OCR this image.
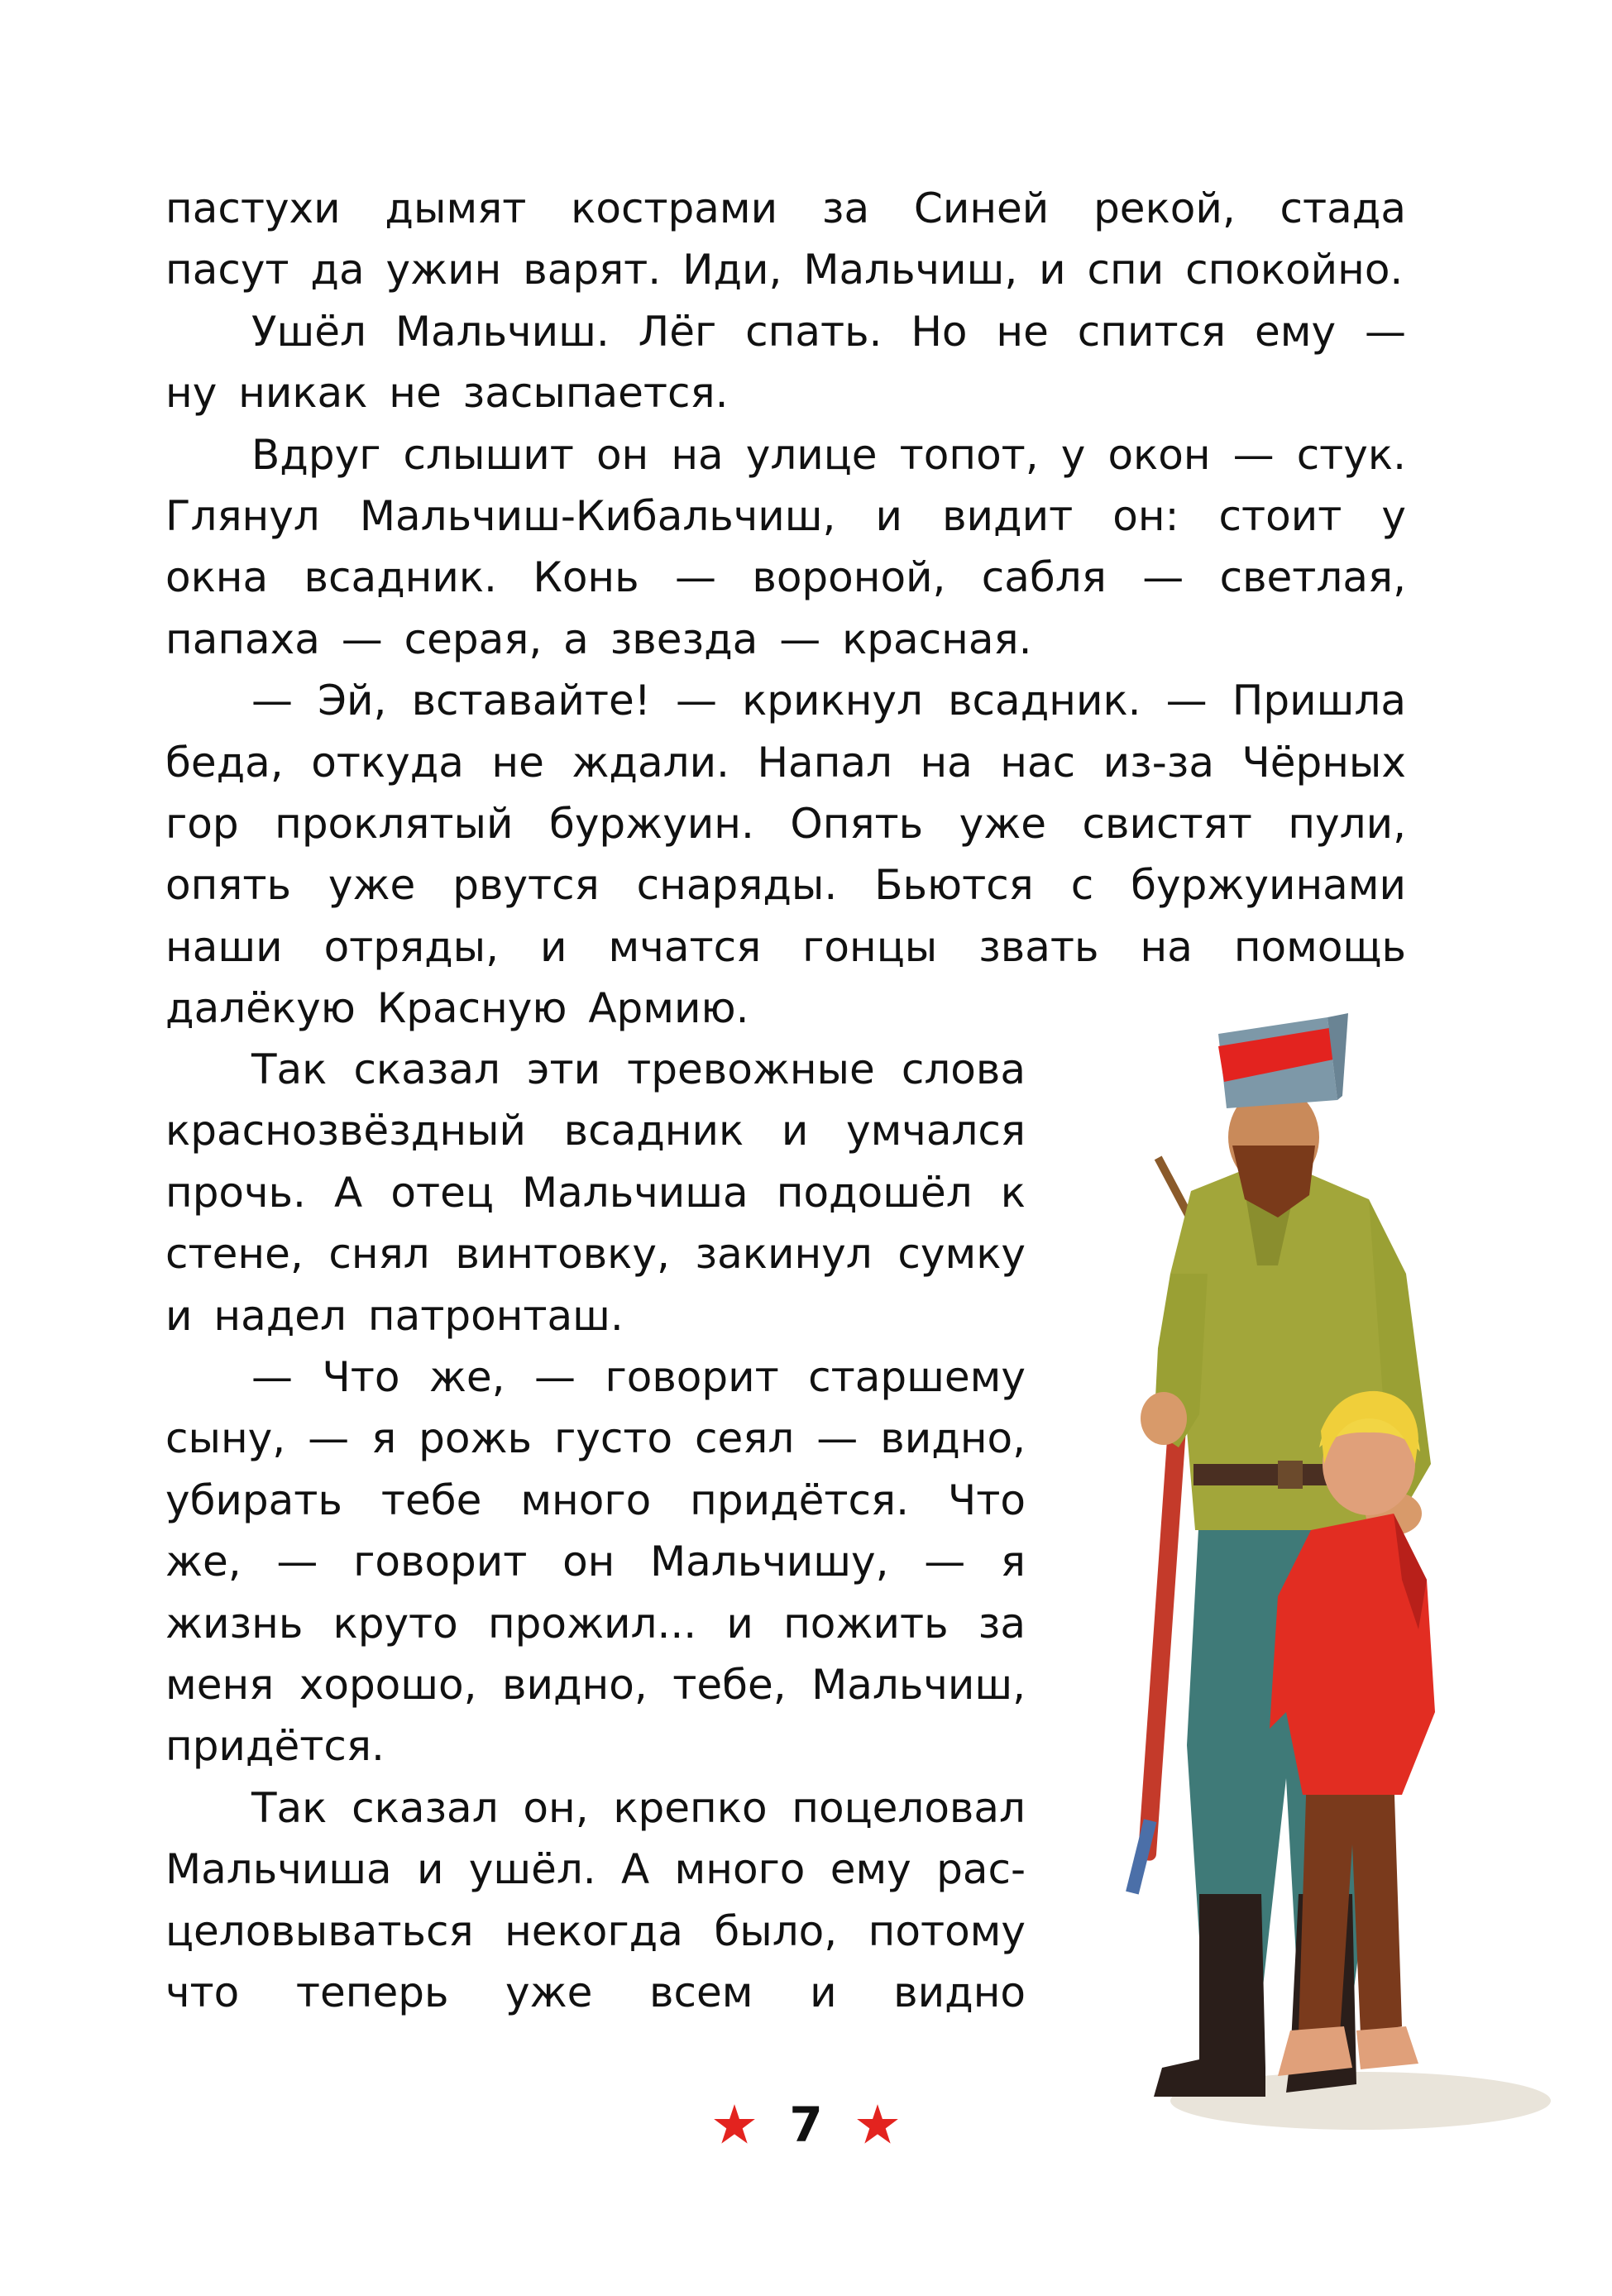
пастухи дымят кострами за Синей рекой, стада пасут да ужин варят. Иди, Мальчиш, и спи спокойно.

Ушёл Мальчиш. Лёг спать. Но не спится ему — ну никак не засыпается.

Вдруг слышит он на улице топот, у окон — стук. Глянул Мальчиш-Кибальчиш, и видит он: стоит у окна всадник. Конь — вороной, сабля — светлая, папаха — серая, а звезда — красная.

— Эй, вставайте! — крикнул всадник. — Пришла беда, откуда не ждали. Напал на нас из-за Чёрных гор проклятый буржуин. Опять уже свистят пули, опять уже рвутся снаряды. Бьются с буржуинами наши отряды, и мчатся гонцы звать на помощь далёкую Красную Армию.

Так сказал эти тревожные слова краснозвёздный всадник и умчался прочь. А отец Мальчиша подошёл к стене, снял винтовку, закинул сумку и надел патронташ.

— Что же, — говорит старшему сыну, — я рожь густо сеял — видно, убирать тебе много придётся. Что же, — говорит он Мальчишу, — я жизнь круто прожил... и пожить за меня хорошо, видно, тебе, Мальчиш, придётся.

Так сказал он, крепко поцеловал Мальчиша и ушёл. А много ему расцеловываться некогда было, потому что теперь уже всем и видно

7
